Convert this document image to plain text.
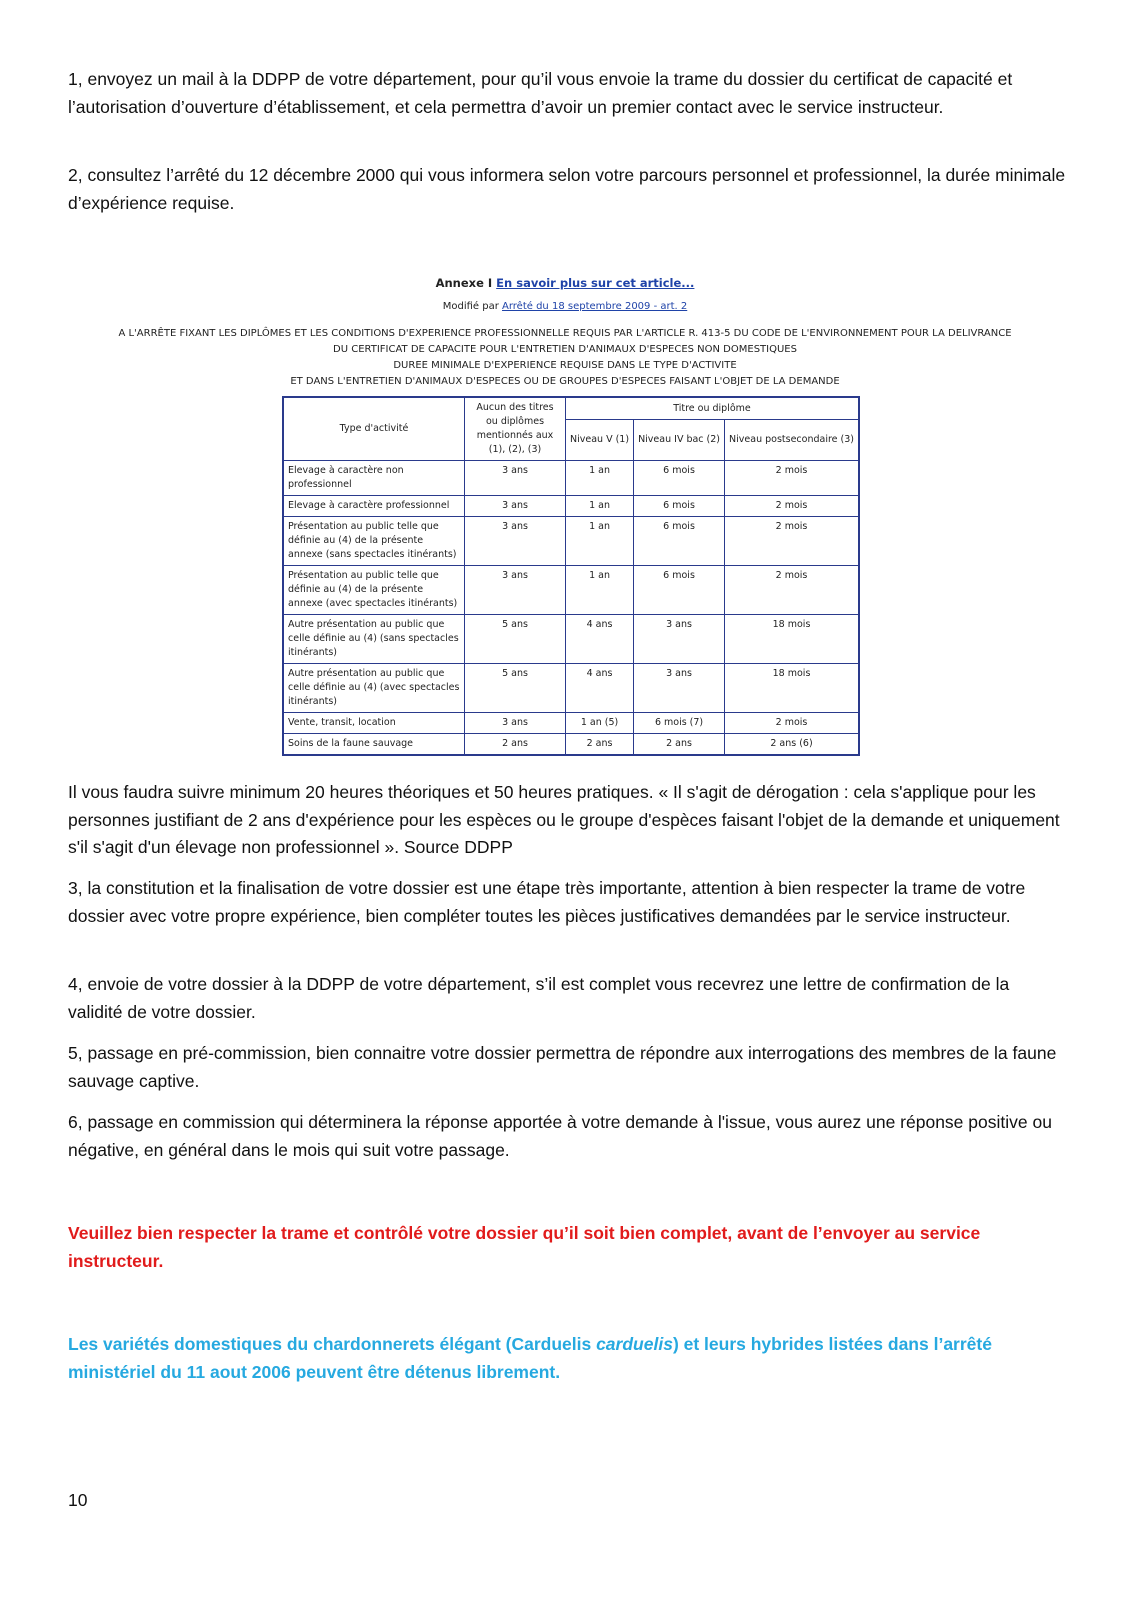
1, envoyez un mail à la DDPP de votre département, pour qu’il vous envoie la trame du dossier du certificat de capacité et l’autorisation d’ouverture d’établissement, et cela permettra d’avoir un premier contact avec le service instructeur.

2, consultez l’arrêté du 12 décembre 2000 qui vous informera selon votre parcours personnel et professionnel, la durée minimale d’expérience requise.

Annexe I En savoir plus sur cet article...

Modifié par Arrêté du 18 septembre 2009 - art. 2

A L'ARRÊTE FIXANT LES DIPLÔMES ET LES CONDITIONS D'EXPERIENCE PROFESSIONNELLE REQUIS PAR L'ARTICLE R. 413-5 DU CODE DE L'ENVIRONNEMENT POUR LA DELIVRANCE
DU CERTIFICAT DE CAPACITE POUR L'ENTRETIEN D'ANIMAUX D'ESPECES NON DOMESTIQUES
DUREE MINIMALE D'EXPERIENCE REQUISE DANS LE TYPE D'ACTIVITE
ET DANS L'ENTRETIEN D'ANIMAUX D'ESPECES OU DE GROUPES D'ESPECES FAISANT L'OBJET DE LA DEMANDE
Type d'activité	Aucun des titres ou diplômes mentionnés aux (1), (2), (3)	Titre ou diplôme		
		Niveau V (1)	Niveau IV bac (2)	Niveau postsecondaire (3)
Elevage à caractère non professionnel	3 ans	1 an	6 mois	2 mois
Elevage à caractère professionnel	3 ans	1 an	6 mois	2 mois
Présentation au public telle que définie au (4) de la présente annexe (sans spectacles itinérants)	3 ans	1 an	6 mois	2 mois
Présentation au public telle que définie au (4) de la présente annexe (avec spectacles itinérants)	3 ans	1 an	6 mois	2 mois
Autre présentation au public que celle définie au (4) (sans spectacles itinérants)	5 ans	4 ans	3 ans	18 mois
Autre présentation au public que celle définie au (4) (avec spectacles itinérants)	5 ans	4 ans	3 ans	18 mois
Vente, transit, location	3 ans	1 an (5)	6 mois (7)	2 mois
Soins de la faune sauvage	2 ans	2 ans	2 ans	2 ans (6)

Il vous faudra suivre minimum 20 heures théoriques et 50 heures pratiques. « Il s'agit de dérogation : cela s'applique pour les personnes justifiant de 2 ans d'expérience pour les espèces ou le groupe d'espèces faisant l'objet de la demande et uniquement s'il s'agit d'un élevage non professionnel ». Source DDPP

3, la constitution et la finalisation de votre dossier est une étape très importante, attention à bien respecter la trame de votre dossier avec votre propre expérience, bien compléter toutes les pièces justificatives demandées par le service instructeur.

4, envoie de votre dossier à la DDPP de votre département, s’il est complet vous recevrez une lettre de confirmation de la validité de votre dossier.

5, passage en pré-commission, bien connaitre votre dossier permettra de répondre aux interrogations des membres de la faune sauvage captive.

6, passage en commission qui déterminera la réponse apportée à votre demande à l'issue, vous aurez une réponse positive ou négative, en général dans le mois qui suit votre passage.

Veuillez bien respecter la trame et contrôlé votre dossier qu’il soit bien complet, avant de l’envoyer au service instructeur.

Les variétés domestiques du chardonnerets élégant (Carduelis carduelis) et leurs hybrides listées dans l’arrêté ministériel du 11 aout 2006 peuvent être détenus librement.

10
